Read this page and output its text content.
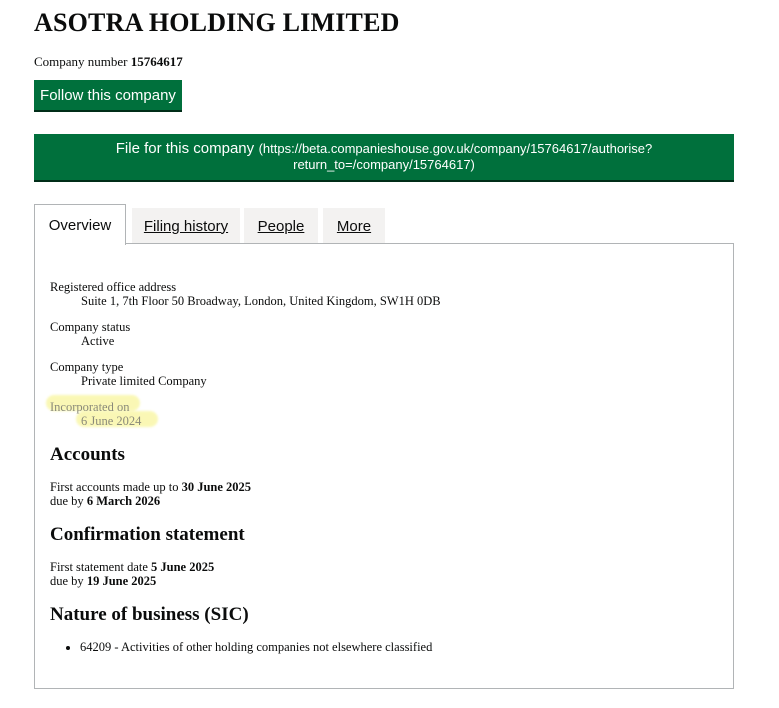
ASOTRA HOLDING LIMITED
Company number 15764617
Follow this company
File for this company (https://beta.companieshouse.gov.uk/company/15764617/authorise?
return_to=/company/15764617)
Overview	Filing history	People	More
Registered office address
Suite 1, 7th Floor 50 Broadway, London, United Kingdom, SW1H 0DB
Company status
Active
Company type
Private limited Company
Incorporated on
6 June 2024
Accounts
First accounts made up to 30 June 2025
due by 6 March 2026
Confirmation statement
First statement date 5 June 2025
due by 19 June 2025
Nature of business (SIC)
• 64209 - Activities of other holding companies not elsewhere classified
